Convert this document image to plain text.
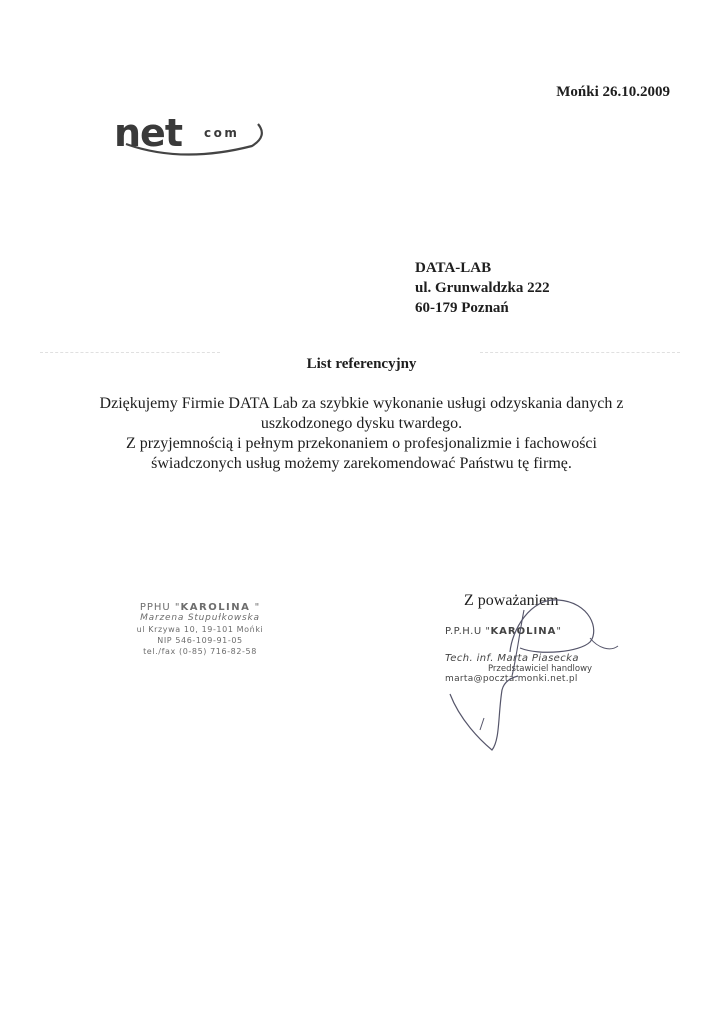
net com
Mońki 26.10.2009
DATA-LAB
ul. Grunwaldzka 222
60-179 Poznań
List referencyjny
Dziękujemy Firmie DATA Lab za szybkie wykonanie usługi odzyskania danych z
uszkodzonego dysku twardego.
Z przyjemnością i pełnym przekonaniem o profesjonalizmie i fachowości
świadczonych usług możemy zarekomendować Państwu tę firmę.
PPHU "KAROLINA "
Marzena Stupułkowska
ul Krzywa 10, 19-101 Mońki
NIP 546-109-91-05
tel./fax (0-85) 716-82-58
Z poważaniem
P.P.H.U "KAROLINA"
Tech. inf. Marta Piasecka
Przedstawiciel handlowy
marta@poczta.monki.net.pl
